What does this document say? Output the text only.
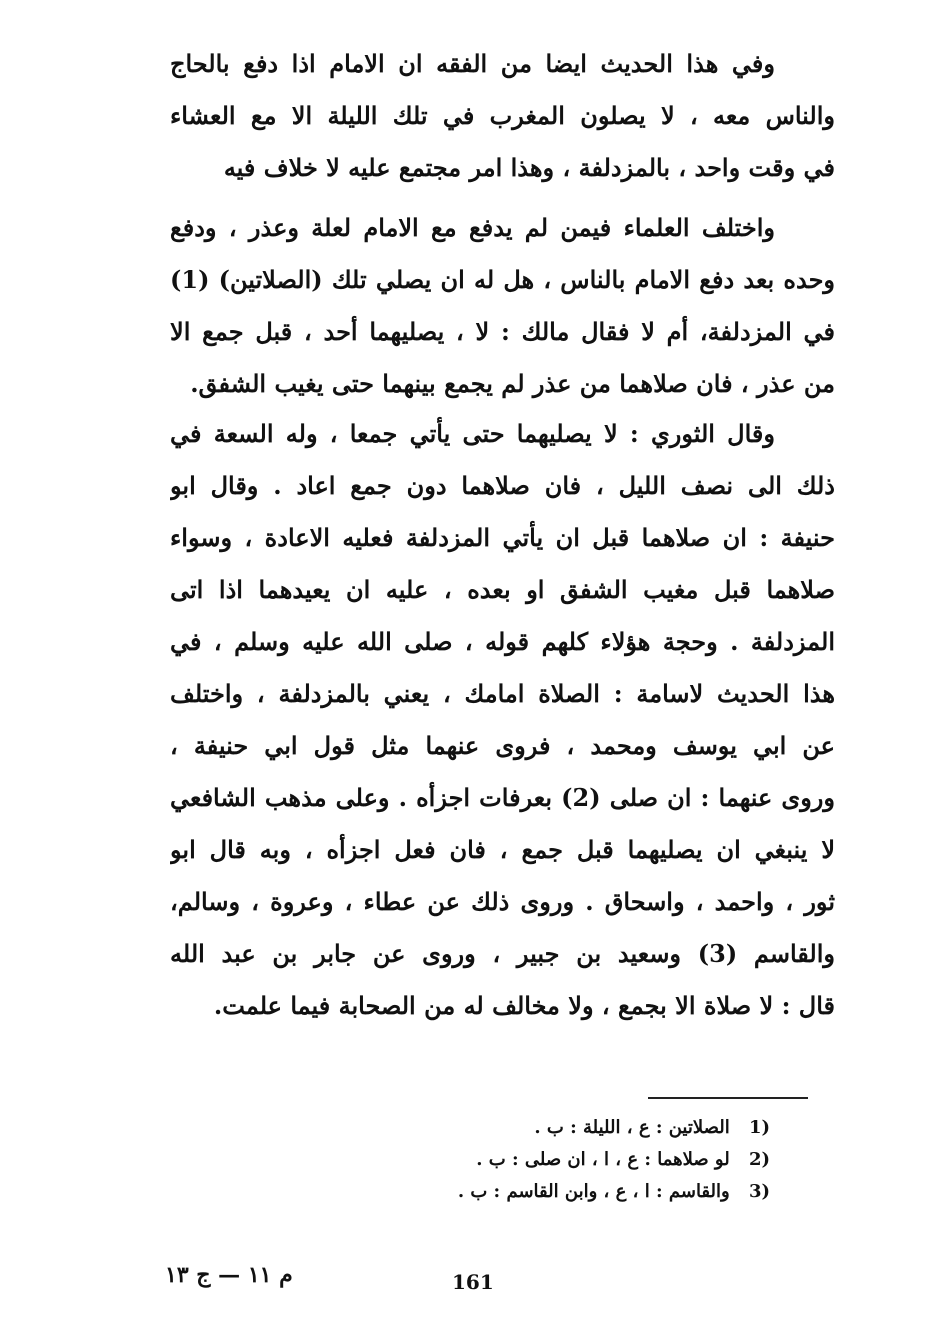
وفي هذا الحديث ايضا من الفقه ان الامام اذا دفع بالحاج
والناس معه ، لا يصلون المغرب في تلك الليلة الا مع العشاء
في وقت واحد ، بالمزدلفة ، وهذا امر مجتمع عليه لا خلاف فيه
واختلف العلماء فيمن لم يدفع مع الامام لعلة وعذر ، ودفع
وحده بعد دفع الامام بالناس ، هل له ان يصلي تلك (الصلاتين) (1)
في المزدلفة، أم لا فقال مالك : لا ، يصليهما أحد ، قبل جمع الا
من عذر ، فان صلاهما من عذر لم يجمع بينهما حتى يغيب الشفق.
وقال الثوري : لا يصليهما حتى يأتي جمعا ، وله السعة في
ذلك الى نصف الليل ، فان صلاهما دون جمع اعاد . وقال ابو
حنيفة : ان صلاهما قبل ان يأتي المزدلفة فعليه الاعادة ، وسواء
صلاهما قبل مغيب الشفق او بعده ، عليه ان يعيدهما اذا اتى
المزدلفة . وحجة هؤلاء كلهم قوله ، صلى الله عليه وسلم ، في
هذا الحديث لاسامة : الصلاة امامك ، يعني بالمزدلفة ، واختلف
عن ابي يوسف ومحمد ، فروى عنهما مثل قول ابي حنيفة ،
وروى عنهما : ان صلى (2) بعرفات اجزأه . وعلى مذهب الشافعي
لا ينبغي ان يصليهما قبل جمع ، فان فعل اجزأه ، وبه قال ابو
ثور ، واحمد ، واسحاق . وروى ذلك عن عطاء ، وعروة ، وسالم،
والقاسم (3) وسعيد بن جبير ، وروى عن جابر بن عبد الله
قال : لا صلاة الا بجمع ، ولا مخالف له من الصحابة فيما علمت.
(1 الصلاتين : ع ، الليلة : ب .
(2 لو صلاهما : ع ، ا ، ان صلى : ب .
(3 والقاسم : ا ، ع ، وابن القاسم : ب .
م ١١ — ج ١٣	161
